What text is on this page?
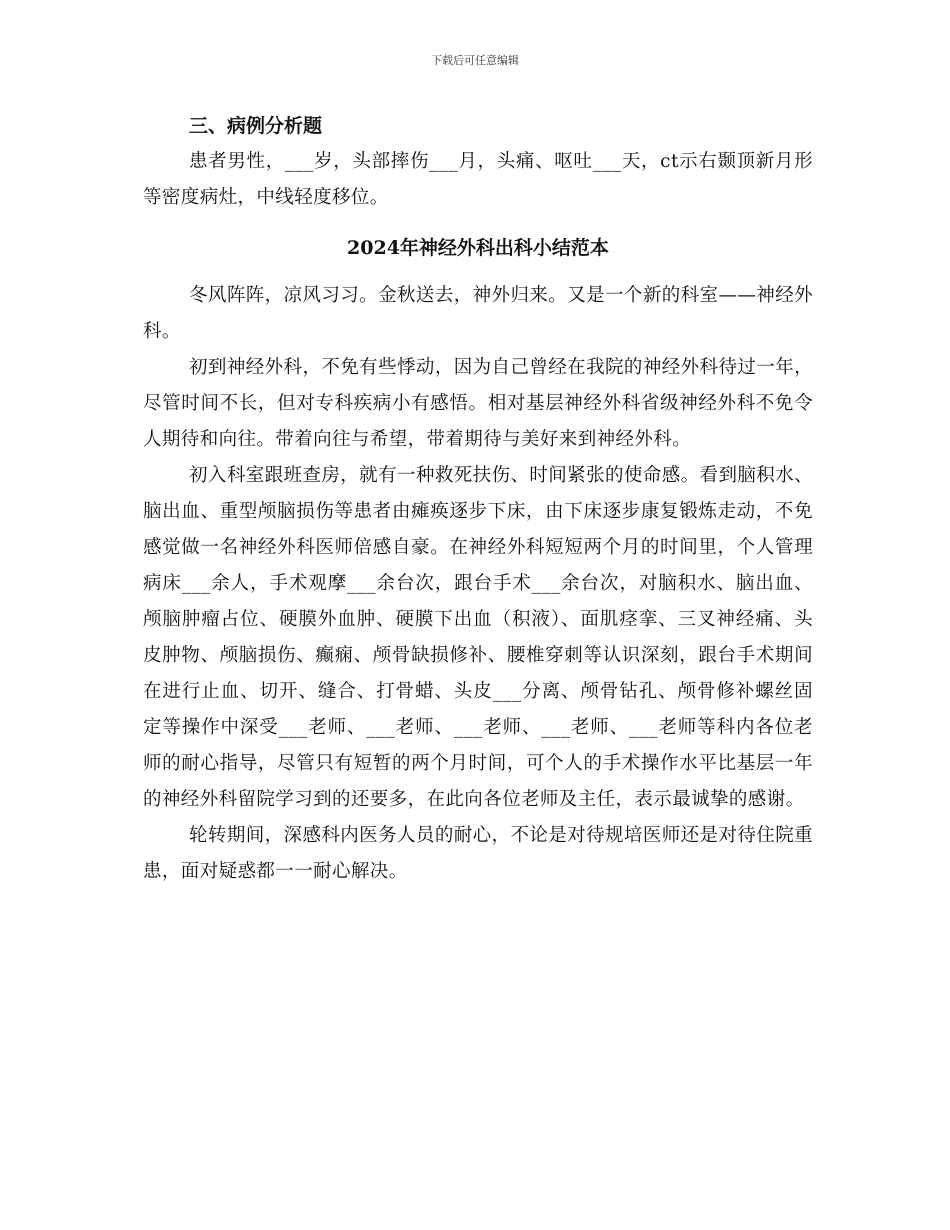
下载后可任意编辑
三、病例分析题

患者男性，___岁，头部摔伤___月，头痛、呕吐___天，ct示右颞顶新月形等密度病灶，中线轻度移位。

2024年神经外科出科小结范本

冬风阵阵，凉风习习。金秋送去，神外归来。又是一个新的科室——神经外科。

初到神经外科，不免有些悸动，因为自己曾经在我院的神经外科待过一年，尽管时间不长，但对专科疾病小有感悟。相对基层神经外科省级神经外科不免令人期待和向往。带着向往与希望，带着期待与美好来到神经外科。

初入科室跟班查房，就有一种救死扶伤、时间紧张的使命感。看到脑积水、脑出血、重型颅脑损伤等患者由瘫痪逐步下床，由下床逐步康复锻炼走动，不免感觉做一名神经外科医师倍感自豪。在神经外科短短两个月的时间里，个人管理病床___余人，手术观摩___余台次，跟台手术___余台次，对脑积水、脑出血、颅脑肿瘤占位、硬膜外血肿、硬膜下出血（积液）、面肌痉挛、三叉神经痛、头皮肿物、颅脑损伤、癫痫、颅骨缺损修补、腰椎穿刺等认识深刻，跟台手术期间在进行止血、切开、缝合、打骨蜡、头皮___分离、颅骨钻孔、颅骨修补螺丝固定等操作中深受___老师、___老师、___老师、___老师、___老师等科内各位老师的耐心指导，尽管只有短暂的两个月时间，可个人的手术操作水平比基层一年的神经外科留院学习到的还要多，在此向各位老师及主任，表示最诚挚的感谢。

轮转期间，深感科内医务人员的耐心，不论是对待规培医师还是对待住院重患，面对疑惑都一一耐心解决。
